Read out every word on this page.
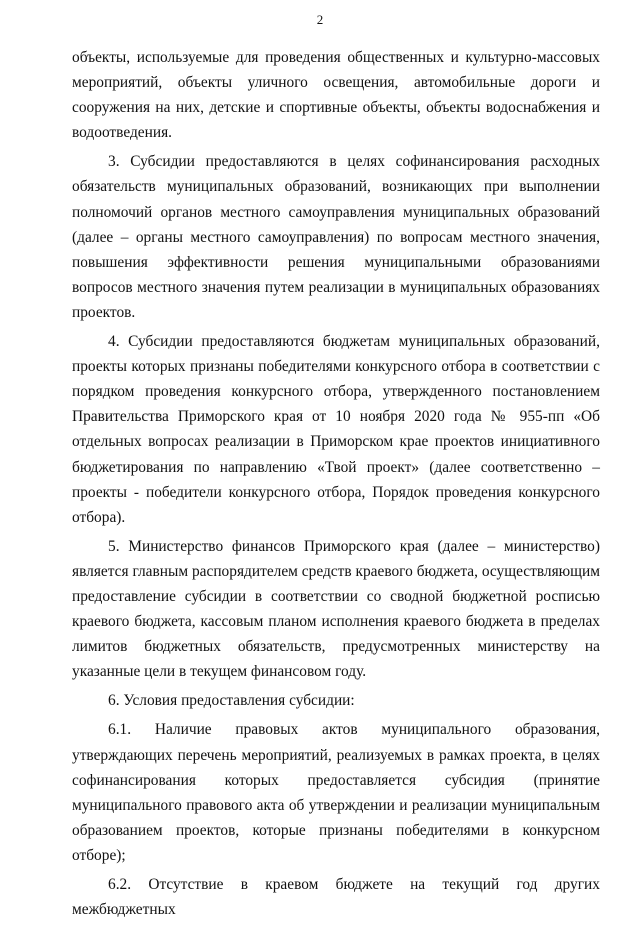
2

объекты, используемые для проведения общественных и культурно-массовых мероприятий, объекты уличного освещения, автомобильные дороги и сооружения на них, детские и спортивные объекты, объекты водоснабжения и водоотведения.

3. Субсидии предоставляются в целях софинансирования расходных обязательств муниципальных образований, возникающих при выполнении полномочий органов местного самоуправления муниципальных образований (далее – органы местного самоуправления) по вопросам местного значения, повышения эффективности решения муниципальными образованиями вопросов местного значения путем реализации в муниципальных образованиях проектов.

4. Субсидии предоставляются бюджетам муниципальных образований, проекты которых признаны победителями конкурсного отбора в соответствии с порядком проведения конкурсного отбора, утвержденного постановлением Правительства Приморского края от 10 ноября 2020 года № 955-пп «Об отдельных вопросах реализации в Приморском крае проектов инициативного бюджетирования по направлению «Твой проект» (далее соответственно – проекты - победители конкурсного отбора, Порядок проведения конкурсного отбора).

5. Министерство финансов Приморского края (далее – министерство) является главным распорядителем средств краевого бюджета, осуществляющим предоставление субсидии в соответствии со сводной бюджетной росписью краевого бюджета, кассовым планом исполнения краевого бюджета в пределах лимитов бюджетных обязательств, предусмотренных министерству на указанные цели в текущем финансовом году.

6. Условия предоставления субсидии:

6.1. Наличие правовых актов муниципального образования, утверждающих перечень мероприятий, реализуемых в рамках проекта, в целях софинансирования которых предоставляется субсидия (принятие муниципального правового акта об утверждении и реализации муниципальным образованием проектов, которые признаны победителями в конкурсном отборе);

6.2. Отсутствие в краевом бюджете на текущий год других межбюджетных
